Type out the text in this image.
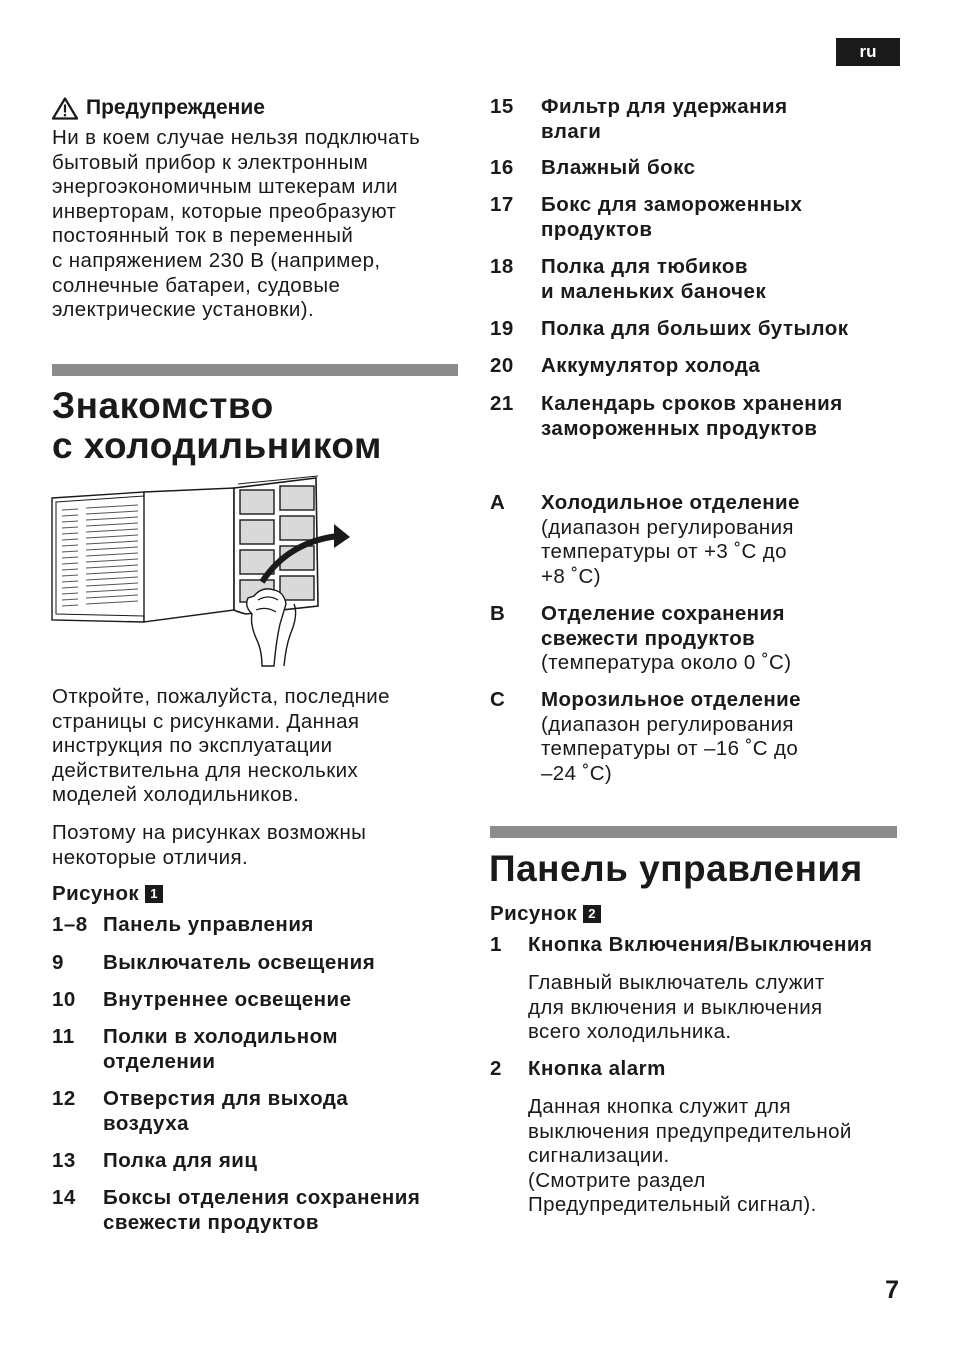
ru
Предупреждение
Ни в коем случае нельзя подключать
бытовый прибор к электронным
энергоэкономичным штекерам или
инверторам, которые преобразуют
постоянный ток в переменный
с напряжением 230 В (например,
солнечные батареи, судовые
электрические установки).
Знакомство
с холодильником
Откройте, пожалуйста, последние
страницы с рисунками. Данная
инструкция по эксплуатации
действительна для нескольких
моделей холодильников.
Поэтому на рисунках возможны
некоторые отличия.
Рисунок 1
1–8 Панель управления
9	Выключатель освещения
10	Внутреннее освещение
11	Полки в холодильном
отделении
12	Отверстия для выхода
воздуха
13	Полка для яиц
14	Боксы отделения сохранения
свежести продуктов
15	Фильтр для удержания
влаги
16	Влажный бокс
17	Бокс для замороженных
продуктов
18	Полка для тюбиков
и маленьких баночек
19	Полка для больших бутылок
20	Аккумулятор холода
21	Календарь сроков хранения
замороженных продуктов
A Холодильное отделение
(диапазон регулирования
температуры от +3 ˚C до
+8 ˚C)
B Отделение сохранения
свежести продуктов
(температура около 0 ˚C)
C Морозильное отделение
(диапазон регулирования
температуры от –16 ˚C до
–24 ˚C)
Панель управления
Рисунок 2
1	Кнопка Включения/Выключения
Главный выключатель служит
для включения и выключения
всего холодильника.
2	Кнопка alarm
Данная кнопка служит для
выключения предупредительной
сигнализации.
(Смотрите раздел
Предупредительный сигнал).
7
